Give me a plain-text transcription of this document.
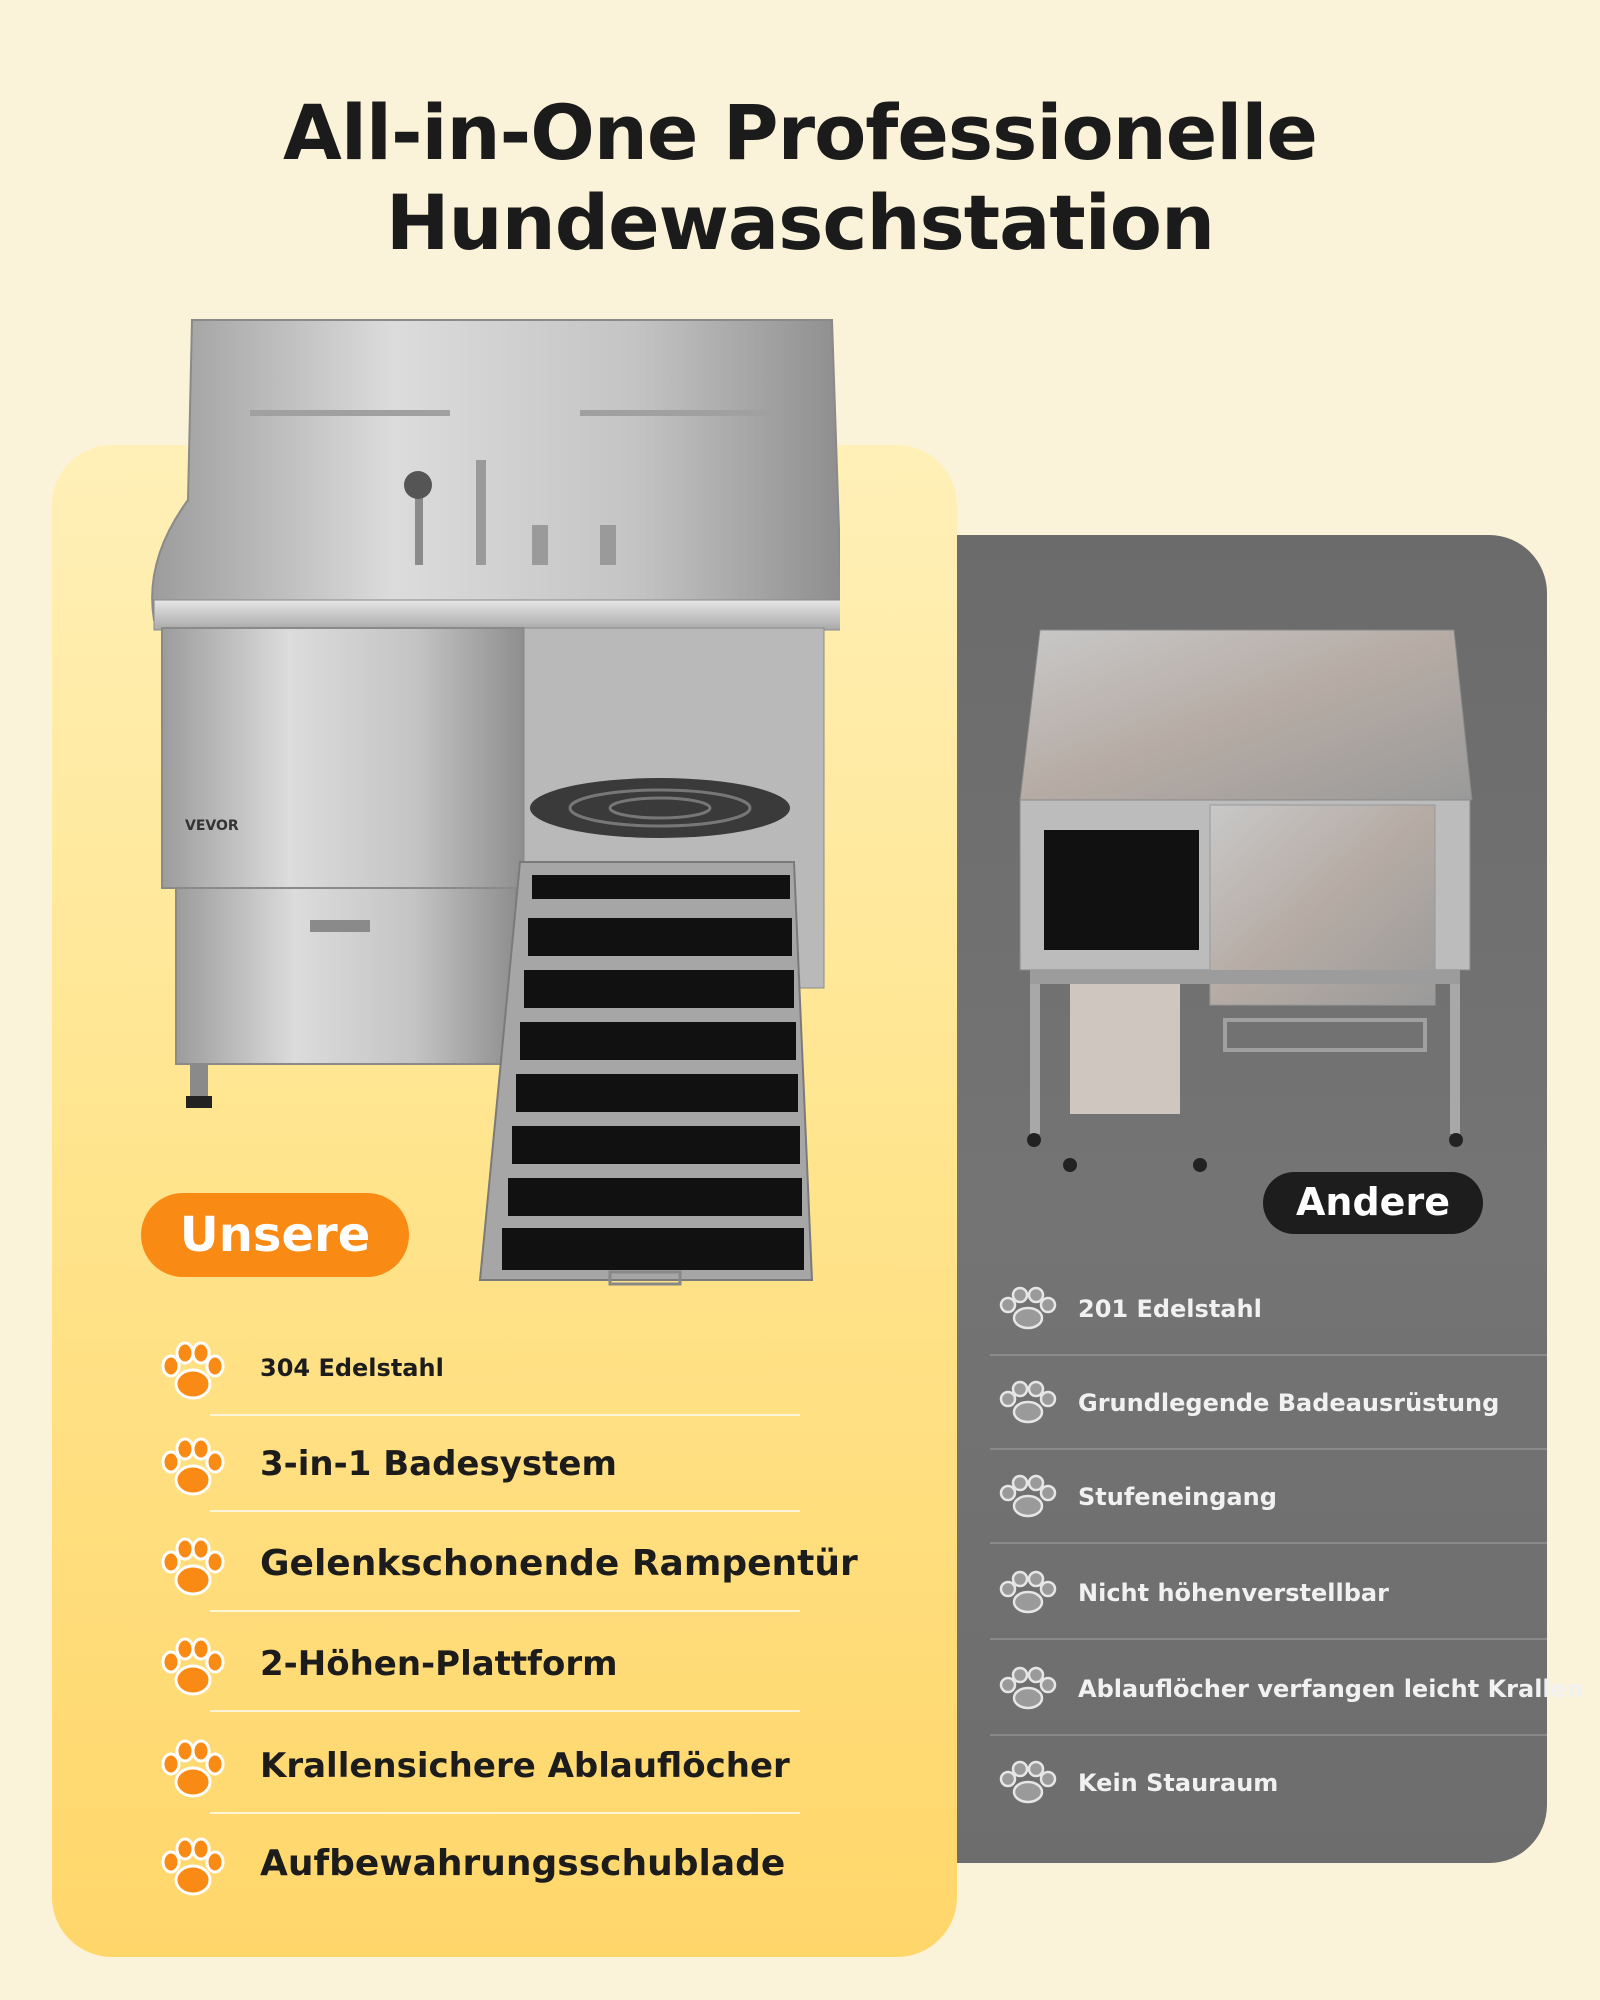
All-in-One Professionelle
Hundewaschstation
VEVOR
Unsere
Andere
304 Edelstahl
3-in-1 Badesystem
Gelenkschonende Rampentür
2-Höhen-Plattform
Krallensichere Ablauflöcher
Aufbewahrungsschublade
201 Edelstahl
Grundlegende Badeausrüstung
Stufeneingang
Nicht höhenverstellbar
Ablauflöcher verfangen leicht Krallen
Kein Stauraum
